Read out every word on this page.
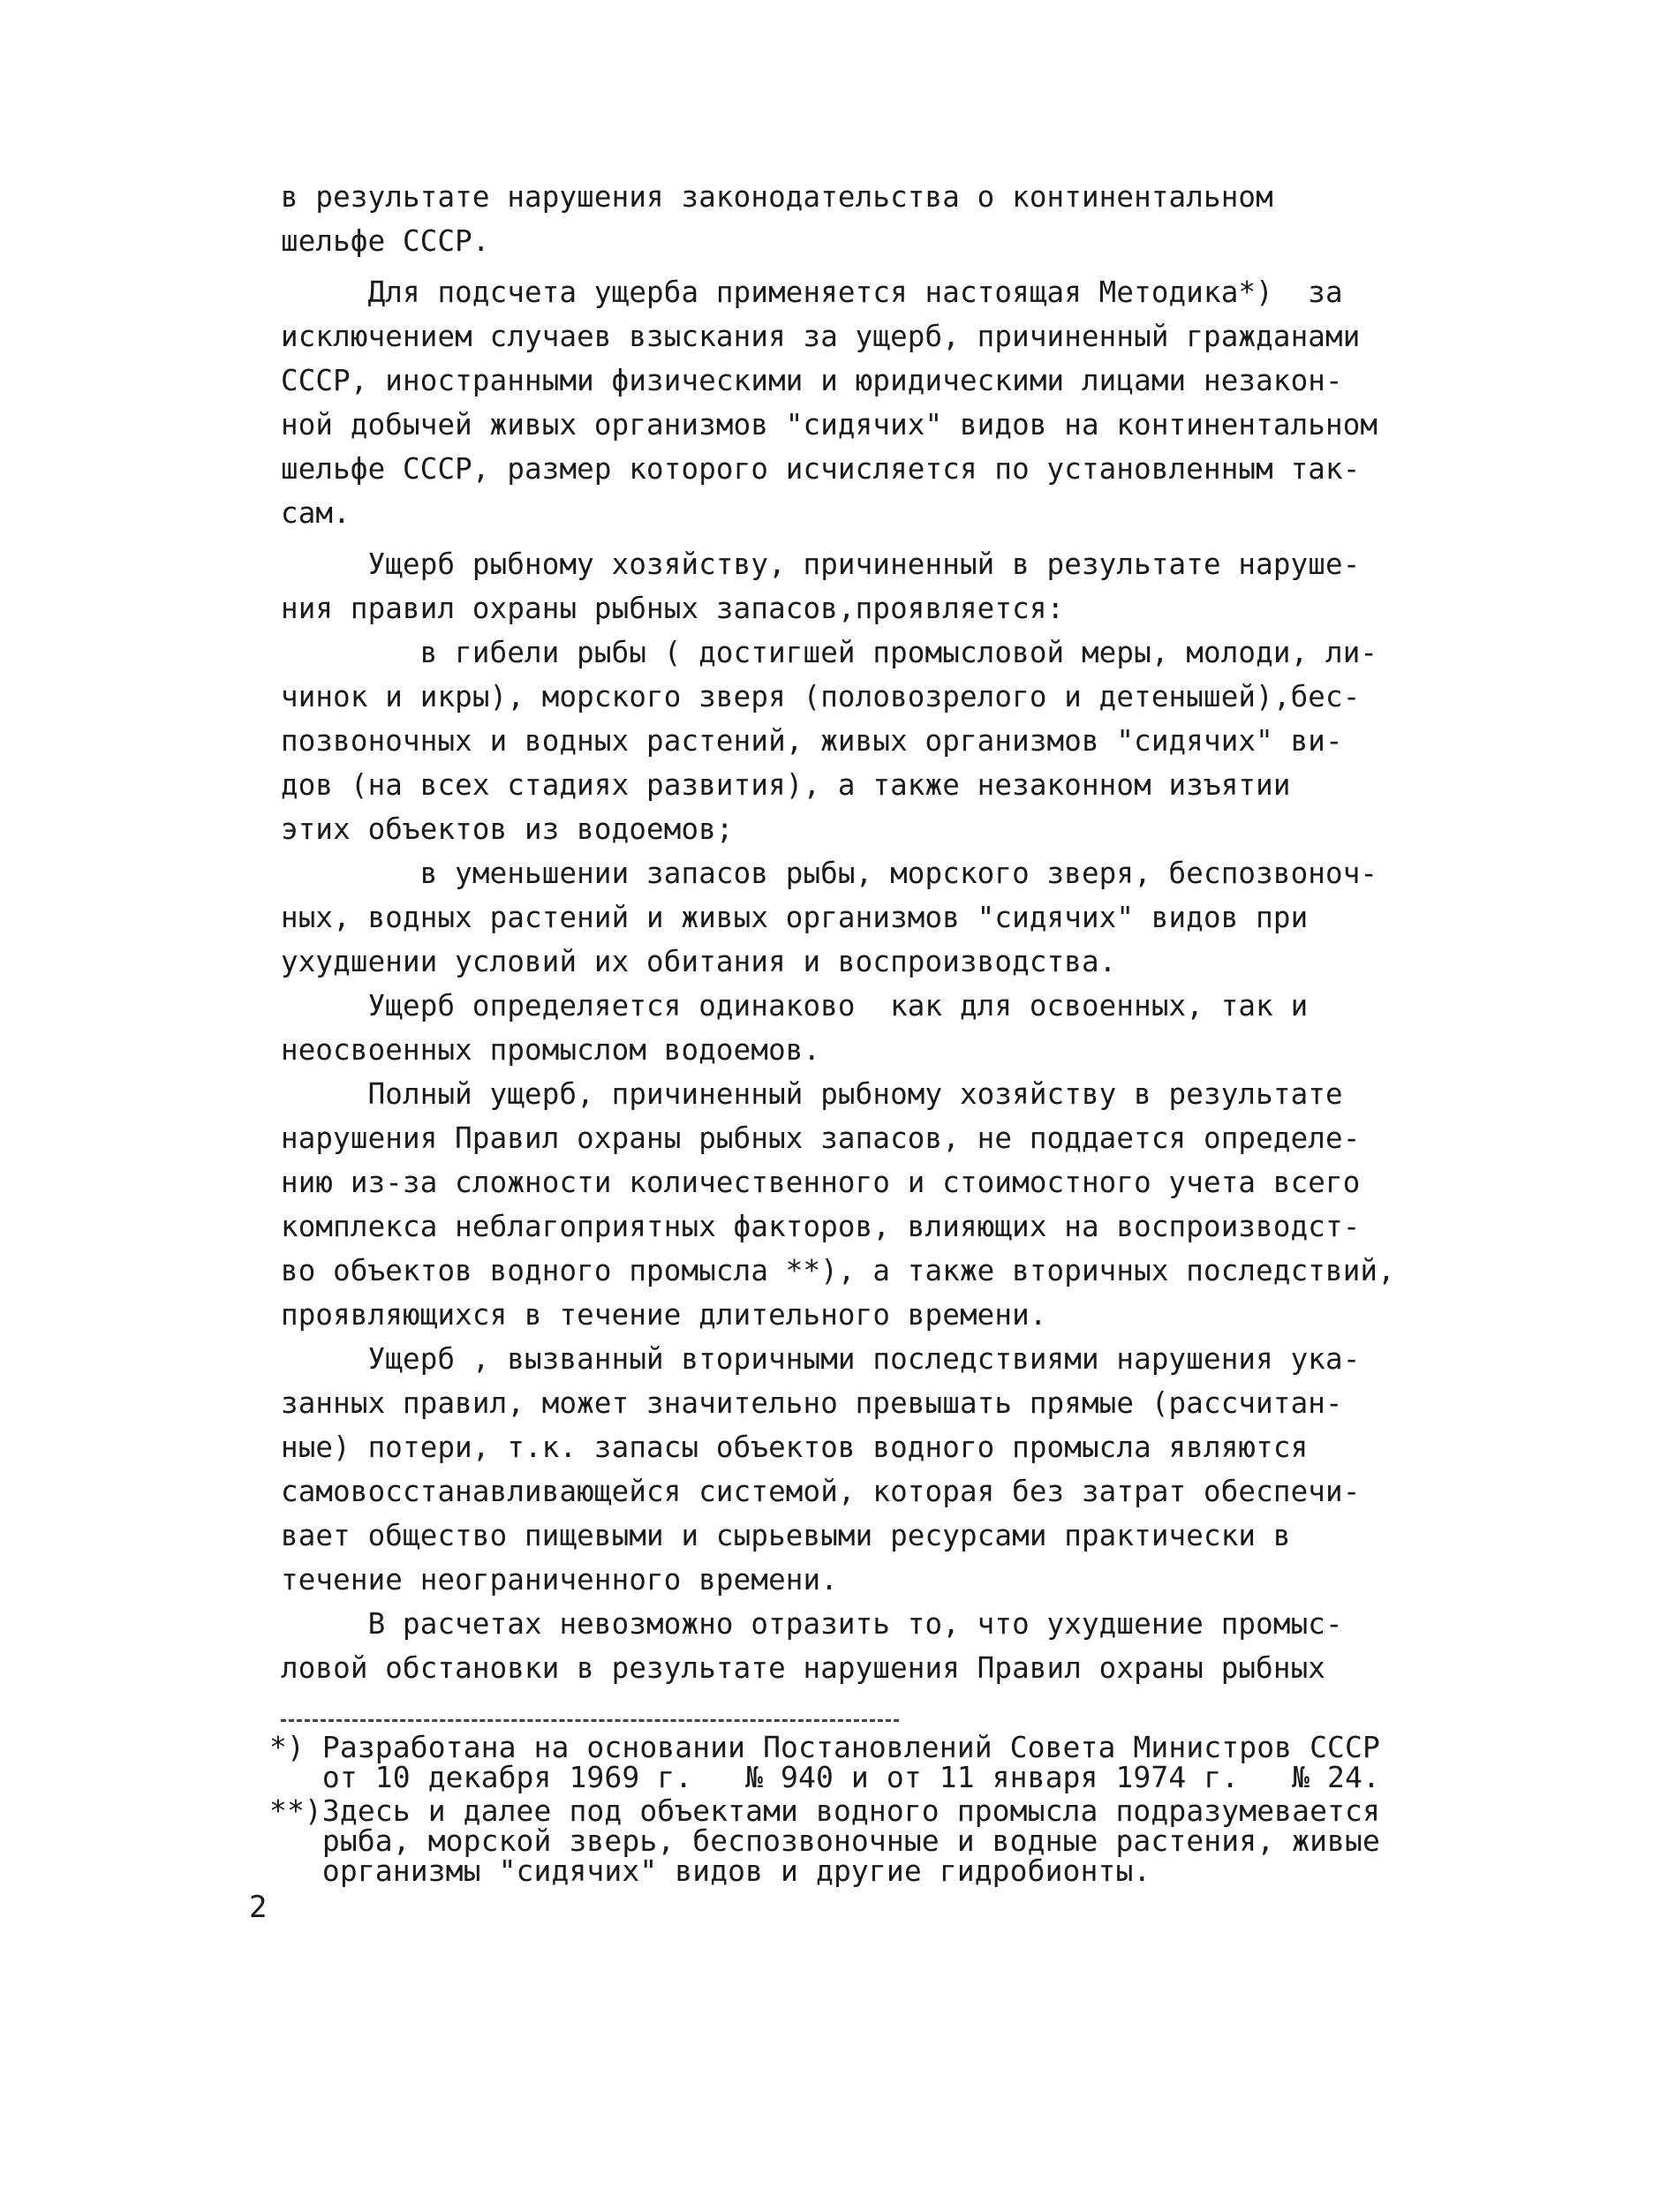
в результате нарушения законодательства о континентальном
шельфе СССР.
Для подсчета ущерба применяется настоящая Методика*)  за
исключением случаев взыскания за ущерб, причиненный гражданами
СССР, иностранными физическими и юридическими лицами незакон-
ной добычей живых организмов "сидячих" видов на континентальном
шельфе СССР, размер которого исчисляется по установленным так-
сам.
Ущерб рыбному хозяйству, причиненный в результате наруше-
ния правил охраны рыбных запасов,проявляется:
в гибели рыбы ( достигшей промысловой меры, молоди, ли-
чинок и икры), морского зверя (половозрелого и детенышей),бес-
позвоночных и водных растений, живых организмов "сидячих" ви-
дов (на всех стадиях развития), а также незаконном изъятии
этих объектов из водоемов;
в уменьшении запасов рыбы, морского зверя, беспозвоноч-
ных, водных растений и живых организмов "сидячих" видов при
ухудшении условий их обитания и воспроизводства.
Ущерб определяется одинаково  как для освоенных, так и
неосвоенных промыслом водоемов.
Полный ущерб, причиненный рыбному хозяйству в результате
нарушения Правил охраны рыбных запасов, не поддается определе-
нию из-за сложности количественного и стоимостного учета всего
комплекса неблагоприятных факторов, влияющих на воспроизводст-
во объектов водного промысла **), а также вторичных последствий,
проявляющихся в течение длительного времени.
Ущерб , вызванный вторичными последствиями нарушения ука-
занных правил, может значительно превышать прямые (рассчитан-
ные) потери, т.к. запасы объектов водного промысла являются
самовосстанавливающейся системой, которая без затрат обеспечи-
вает общество пищевыми и сырьевыми ресурсами практически в
течение неограниченного времени.
В расчетах невозможно отразить то, что ухудшение промыс-
ловой обстановки в результате нарушения Правил охраны рыбных
*) Разработана на основании Постановлений Совета Министров СССР
от 10 декабря 1969 г.   № 940 и от 11 января 1974 г.   № 24.
**)Здесь и далее под объектами водного промысла подразумевается
рыба, морской зверь, беспозвоночные и водные растения, живые
организмы "сидячих" видов и другие гидробионты.
2
